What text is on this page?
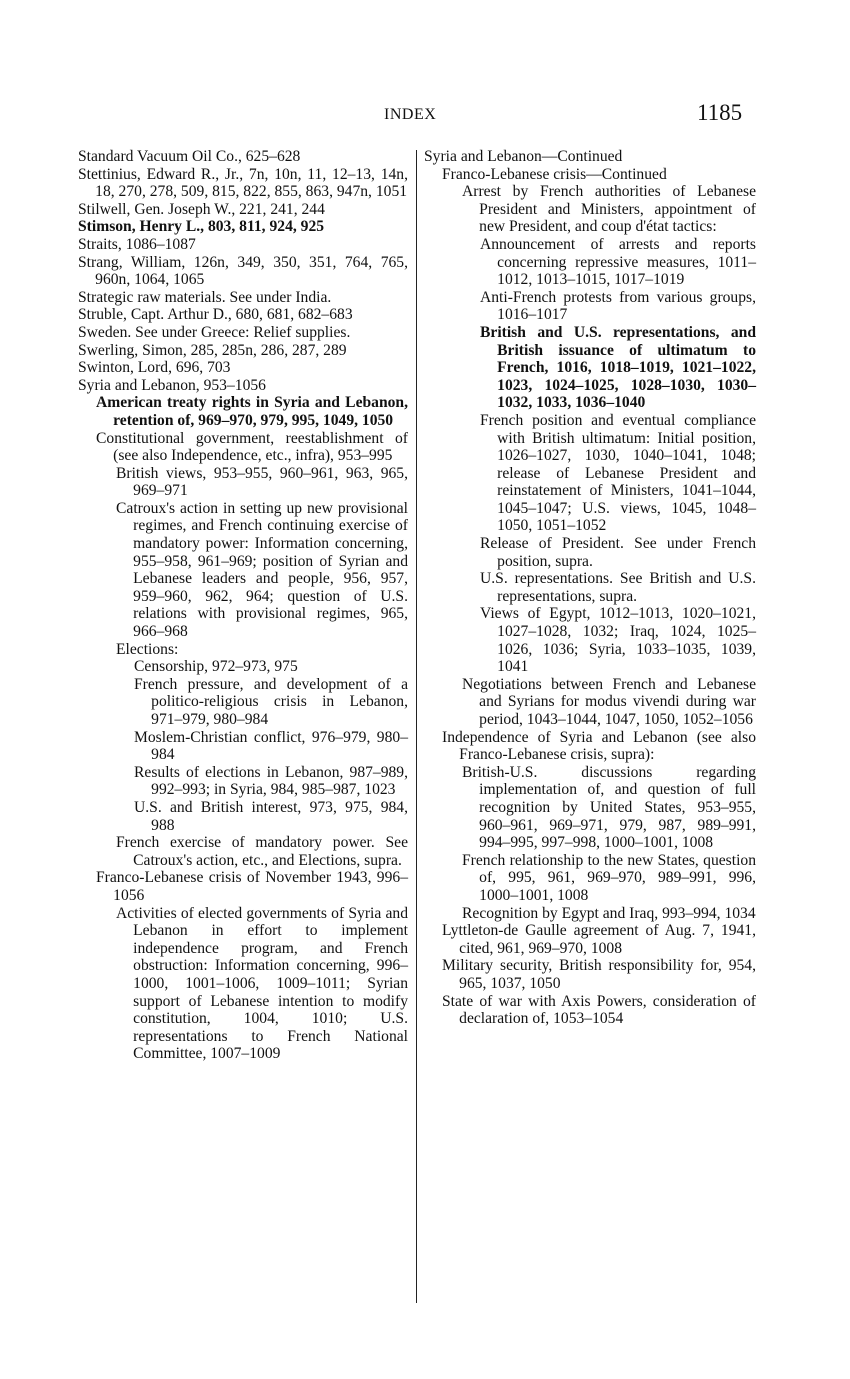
INDEX	1185

Standard Vacuum Oil Co., 625–628

Stettinius, Edward R., Jr., 7n, 10n, 11, 12–13, 14n, 18, 270, 278, 509, 815, 822, 855, 863, 947n, 1051

Stilwell, Gen. Joseph W., 221, 241, 244

Stimson, Henry L., 803, 811, 924, 925

Straits, 1086–1087

Strang, William, 126n, 349, 350, 351, 764, 765, 960n, 1064, 1065

Strategic raw materials. See under India.

Struble, Capt. Arthur D., 680, 681, 682–683

Sweden. See under Greece: Relief supplies.

Swerling, Simon, 285, 285n, 286, 287, 289

Swinton, Lord, 696, 703

Syria and Lebanon, 953–1056

American treaty rights in Syria and Lebanon, retention of, 969–970, 979, 995, 1049, 1050

Constitutional government, reestablishment of (see also Independence, etc., infra), 953–995

British views, 953–955, 960–961, 963, 965, 969–971

Catroux's action in setting up new provisional regimes, and French continuing exercise of mandatory power: Information concerning, 955–958, 961–969; position of Syrian and Lebanese leaders and people, 956, 957, 959–960, 962, 964; question of U.S. relations with provisional regimes, 965, 966–968

Elections:

Censorship, 972–973, 975

French pressure, and development of a politico-religious crisis in Lebanon, 971–979, 980–984

Moslem-Christian conflict, 976–979, 980–984

Results of elections in Lebanon, 987–989, 992–993; in Syria, 984, 985–987, 1023

U.S. and British interest, 973, 975, 984, 988

French exercise of mandatory power. See Catroux's action, etc., and Elections, supra.

Franco-Lebanese crisis of November 1943, 996–1056

Activities of elected governments of Syria and Lebanon in effort to implement independence program, and French obstruction: Information concerning, 996–1000, 1001–1006, 1009–1011; Syrian support of Lebanese intention to modify constitution, 1004, 1010; U.S. representations to French National Committee, 1007–1009

Syria and Lebanon—Continued

Franco-Lebanese crisis—Continued

Arrest by French authorities of Lebanese President and Ministers, appointment of new President, and coup d'état tactics:

Announcement of arrests and reports concerning repressive measures, 1011–1012, 1013–1015, 1017–1019

Anti-French protests from various groups, 1016–1017

British and U.S. representations, and British issuance of ultimatum to French, 1016, 1018–1019, 1021–1022, 1023, 1024–1025, 1028–1030, 1030–1032, 1033, 1036–1040

French position and eventual compliance with British ultimatum: Initial position, 1026–1027, 1030, 1040–1041, 1048; release of Lebanese President and reinstatement of Ministers, 1041–1044, 1045–1047; U.S. views, 1045, 1048–1050, 1051–1052

Release of President. See under French position, supra.

U.S. representations. See British and U.S. representations, supra.

Views of Egypt, 1012–1013, 1020–1021, 1027–1028, 1032; Iraq, 1024, 1025–1026, 1036; Syria, 1033–1035, 1039, 1041

Negotiations between French and Lebanese and Syrians for modus vivendi during war period, 1043–1044, 1047, 1050, 1052–1056

Independence of Syria and Lebanon (see also Franco-Lebanese crisis, supra):

British-U.S. discussions regarding implementation of, and question of full recognition by United States, 953–955, 960–961, 969–971, 979, 987, 989–991, 994–995, 997–998, 1000–1001, 1008

French relationship to the new States, question of, 995, 961, 969–970, 989–991, 996, 1000–1001, 1008

Recognition by Egypt and Iraq, 993–994, 1034

Lyttleton-de Gaulle agreement of Aug. 7, 1941, cited, 961, 969–970, 1008

Military security, British responsibility for, 954, 965, 1037, 1050

State of war with Axis Powers, consideration of declaration of, 1053–1054
